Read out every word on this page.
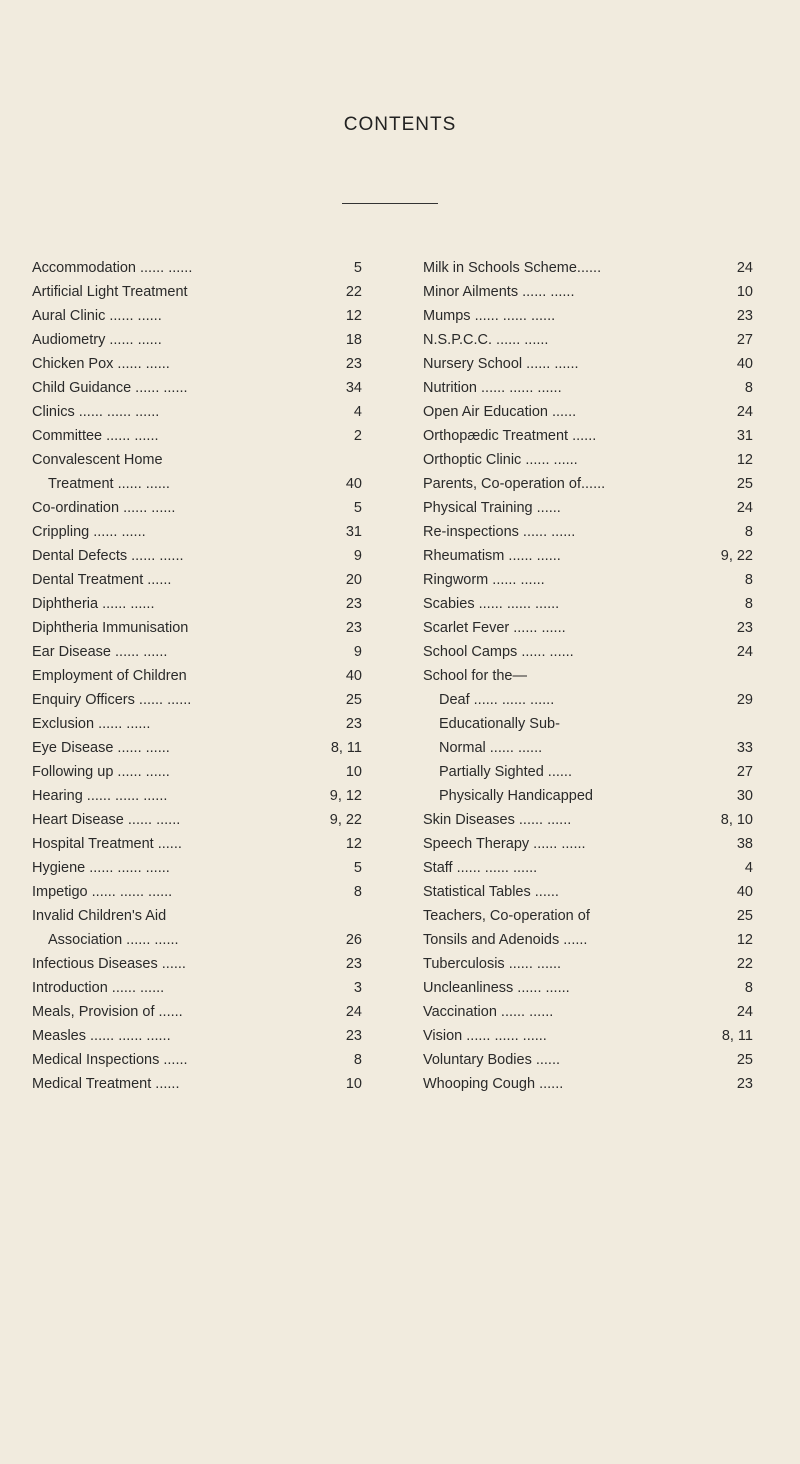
CONTENTS
Accommodation ...... ......	5
Artificial Light Treatment	22
Aural Clinic ...... ......	12
Audiometry ...... ......	18
Chicken Pox ...... ......	23
Child Guidance ...... ......	34
Clinics ...... ...... ......	4
Committee ...... ......	2
Convalescent Home
Treatment ...... ......	40
Co-ordination ...... ......	5
Crippling ...... ......	31
Dental Defects ...... ......	9
Dental Treatment ......	20
Diphtheria ...... ......	23
Diphtheria Immunisation	23
Ear Disease ...... ......	9
Employment of Children	40
Enquiry Officers ...... ......	25
Exclusion ...... ......	23
Eye Disease ...... ......	8, 11
Following up ...... ......	10
Hearing ...... ...... ......	9, 12
Heart Disease ...... ......	9, 22
Hospital Treatment ......	12
Hygiene ...... ...... ......	5
Impetigo ...... ...... ......	8
Invalid Children's Aid
Association ...... ......	26
Infectious Diseases ......	23
Introduction ...... ......	3
Meals, Provision of ......	24
Measles ...... ...... ......	23
Medical Inspections ......	8
Medical Treatment ......	10
Milk in Schools Scheme......	24
Minor Ailments ...... ......	10
Mumps ...... ...... ......	23
N.S.P.C.C. ...... ......	27
Nursery School ...... ......	40
Nutrition ...... ...... ......	8
Open Air Education ......	24
Orthopædic Treatment ......	31
Orthoptic Clinic ...... ......	12
Parents, Co-operation of......	25
Physical Training ......	24
Re-inspections ...... ......	8
Rheumatism ...... ......	9, 22
Ringworm ...... ......	8
Scabies ...... ...... ......	8
Scarlet Fever ...... ......	23
School Camps ...... ......	24
School for the—
Deaf ...... ...... ......	29
Educationally Sub-
Normal ...... ......	33
Partially Sighted ......	27
Physically Handicapped	30
Skin Diseases ...... ......	8, 10
Speech Therapy ...... ......	38
Staff ...... ...... ......	4
Statistical Tables ......	40
Teachers, Co-operation of	25
Tonsils and Adenoids ......	12
Tuberculosis ...... ......	22
Uncleanliness ...... ......	8
Vaccination ...... ......	24
Vision ...... ...... ......	8, 11
Voluntary Bodies ......	25
Whooping Cough ......	23
